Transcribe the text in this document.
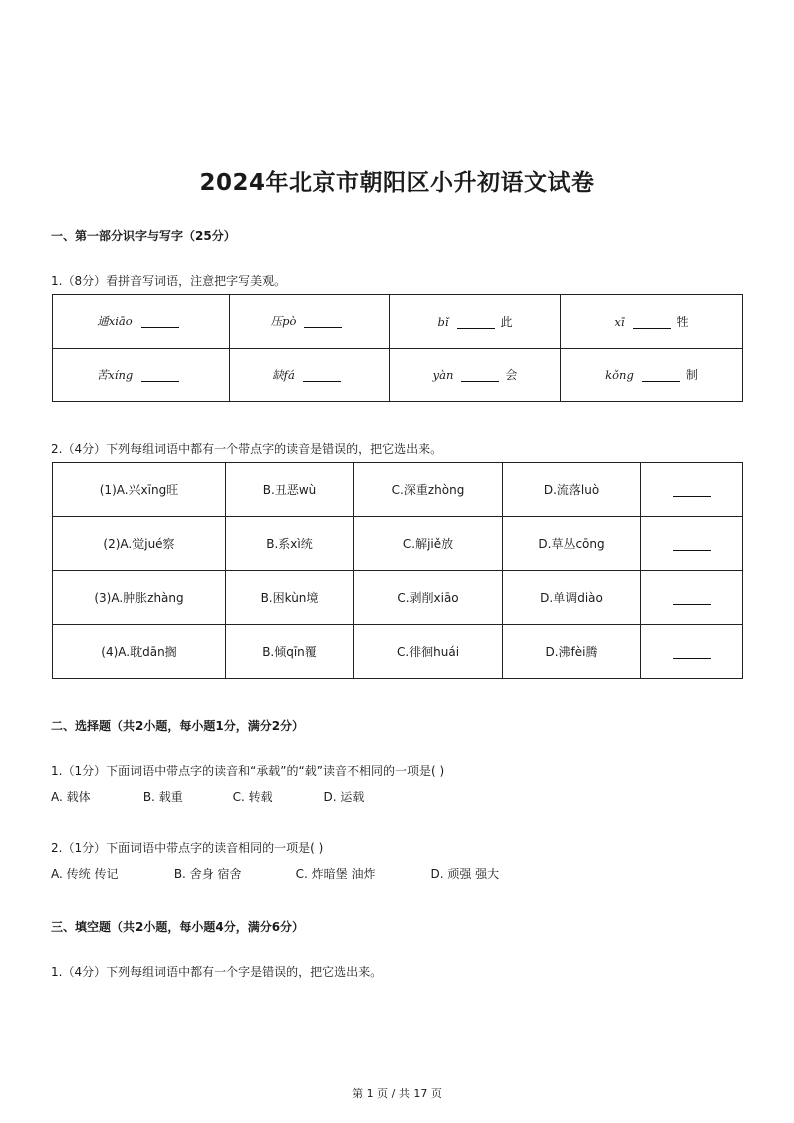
2024年北京市朝阳区小升初语文试卷
一、第一部分识字与写字（25分）
1.（8分）看拼音写词语，注意把字写美观。
通xiāo	压pò	bǐ 此	xī 牲
苦xíng	缺fá	yàn 会	kǒng 制
2.（4分）下列每组词语中都有一个带点字的读音是错误的，把它选出来。
(1)A.兴xīng旺	B.丑恶wù	C.深重zhòng	D.流落luò	
(2)A.觉jué察	B.系xì统	C.解jiě放	D.草丛cōng	
(3)A.肿胀zhàng	B.困kùn境	C.剥削xiāo	D.单调diào	
(4)A.耽dān搁	B.倾qīn覆	C.徘徊huái	D.沸fèi腾	
二、选择题（共2小题，每小题1分，满分2分）
1.（1分）下面词语中带点字的读音和“承载”的“载”读音不相同的一项是( )
A. 载体	B. 载重	C. 转载	D. 运载
2.（1分）下面词语中带点字的读音相同的一项是( )
A. 传统 传记	B. 舍身 宿舍	C. 炸暗堡 油炸	D. 顽强 强大
三、填空题（共2小题，每小题4分，满分6分）
1.（4分）下列每组词语中都有一个字是错误的，把它选出来。
第 1 页 / 共 17 页
